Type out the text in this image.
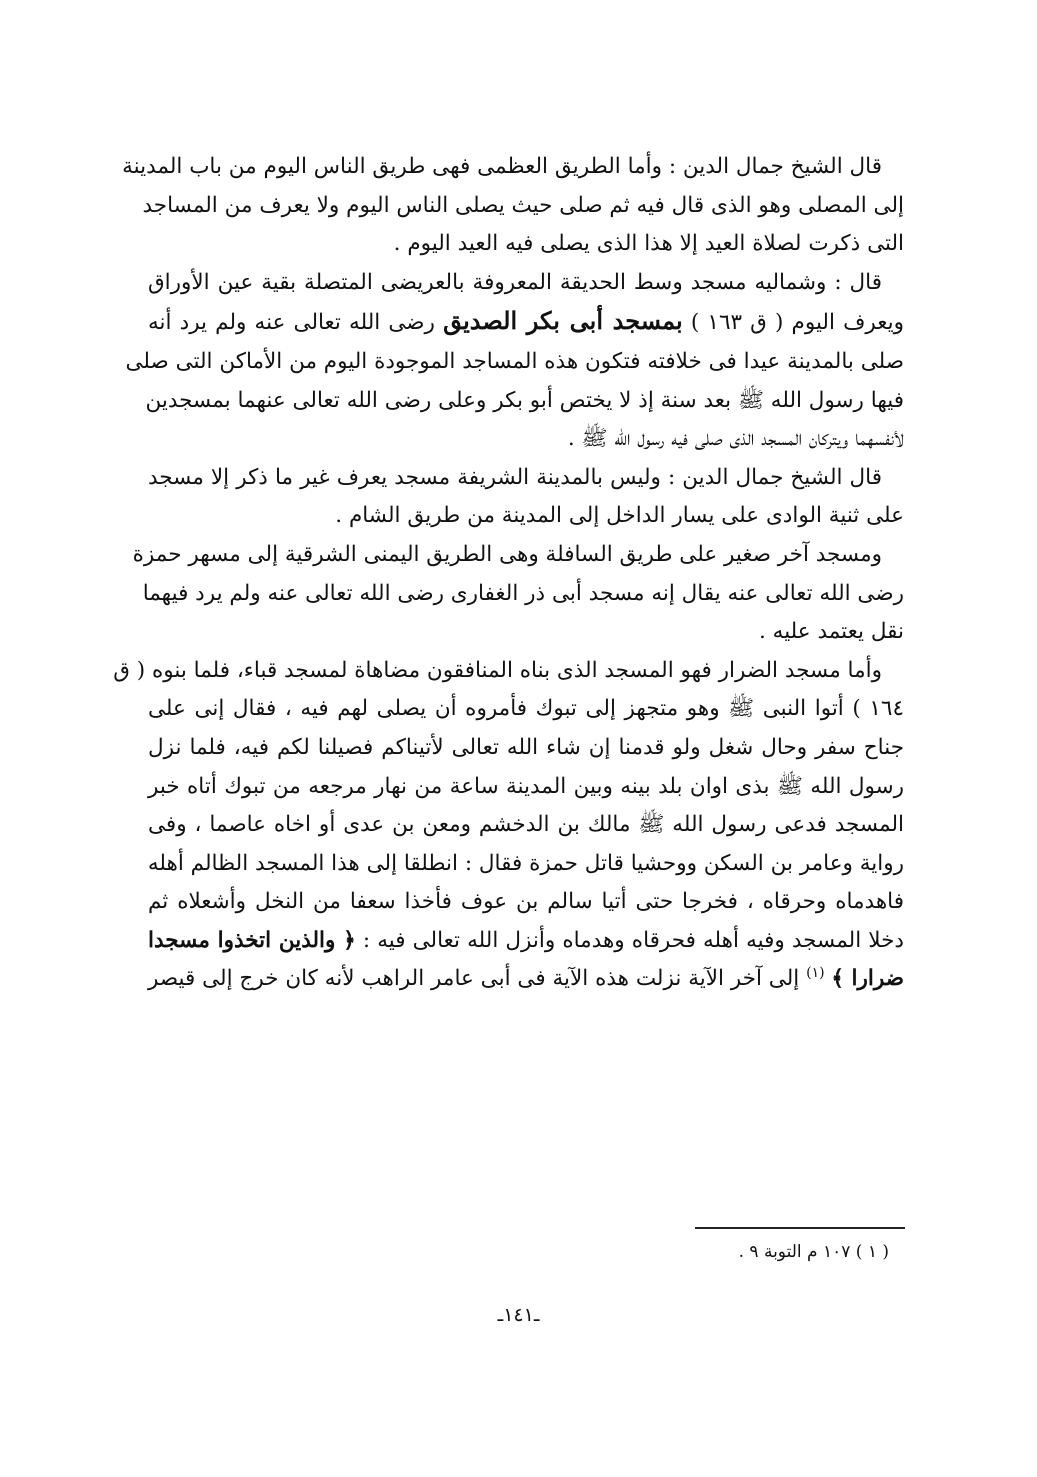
قال الشيخ جمال الدين : وأما الطريق العظمى فهى طريق الناس اليوم من باب المدينة
إلى المصلى وهو الذى قال فيه ثم صلى حيث يصلى الناس اليوم ولا يعرف من المساجد
التى ذكرت لصلاة العيد إلا هذا الذى يصلى فيه العيد اليوم .

قال : وشماليه مسجد وسط الحديقة المعروفة بالعريضى المتصلة بقية عين الأوراق
ويعرف اليوم ( ق ١٦٣ ) بمسجد أبى بكر الصديق رضى الله تعالى عنه ولم يرد أنه
صلى بالمدينة عيدا فى خلافته فتكون هذه المساجد الموجودة اليوم من الأماكن التى صلى
فيها رسول الله ﷺ بعد سنة إذ لا يختص أبو بكر وعلى رضى الله تعالى عنهما بمسجدين
لأنفسهما ويتركان المسجد الذى صلى فيه رسول الله ﷺ .

قال الشيخ جمال الدين : وليس بالمدينة الشريفة مسجد يعرف غير ما ذكر إلا مسجد
على ثنية الوادى على يسار الداخل إلى المدينة من طريق الشام .

ومسجد آخر صغير على طريق السافلة وهى الطريق اليمنى الشرقية إلى مسهر حمزة
رضى الله تعالى عنه يقال إنه مسجد أبى ذر الغفارى رضى الله تعالى عنه ولم يرد فيهما
نقل يعتمد عليه .

وأما مسجد الضرار فهو المسجد الذى بناه المنافقون مضاهاة لمسجد قباء، فلما بنوه ( ق
١٦٤ ) أتوا النبى ﷺ وهو متجهز إلى تبوك فأمروه أن يصلى لهم فيه ، فقال إنى على
جناح سفر وحال شغل ولو قدمنا إن شاء الله تعالى لأتيناكم فصيلنا لكم فيه، فلما نزل
رسول الله ﷺ بذى اوان بلد بينه وبين المدينة ساعة من نهار مرجعه من تبوك أتاه خبر
المسجد فدعى رسول الله ﷺ مالك بن الدخشم ومعن بن عدى أو اخاه عاصما ، وفى
رواية وعامر بن السكن ووحشيا قاتل حمزة فقال : انطلقا إلى هذا المسجد الظالم أهله
فاهدماه وحرقاه ، فخرجا حتى أتيا سالم بن عوف فأخذا سعفا من النخل وأشعلاه ثم
دخلا المسجد وفيه أهله فحرقاه وهدماه وأنزل الله تعالى فيه : ﴿ والذين اتخذوا مسجدا
ضرارا ﴾ $^{(١)}$ إلى آخر الآية نزلت هذه الآية فى أبى عامر الراهب لأنه كان خرج إلى قيصر

( ١ ) ١٠٧ م التوبة ٩ .
ـ١٤١ـ
